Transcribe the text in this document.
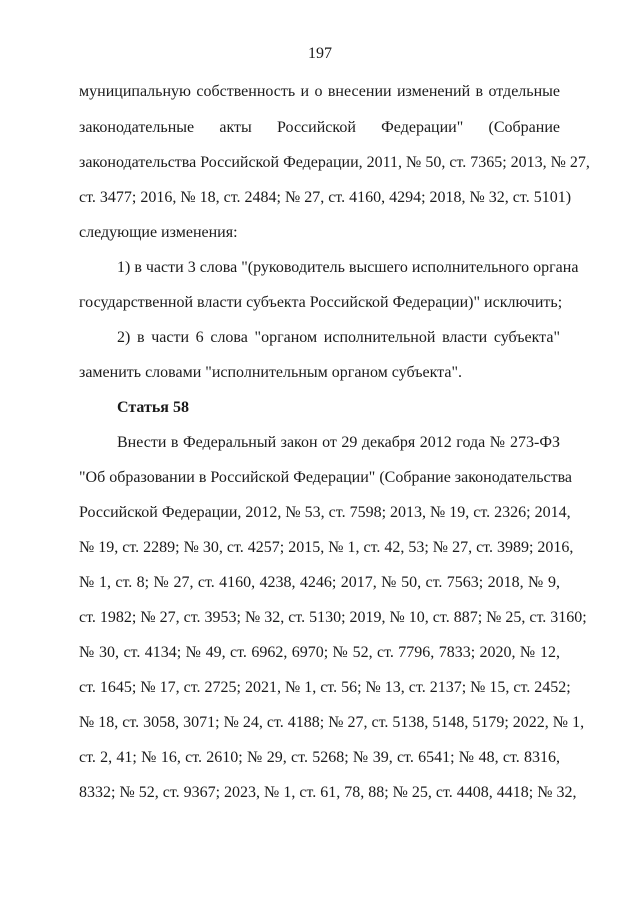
197
муниципальную собственность и о внесении изменений в отдельные
законодательные акты Российской Федерации" (Собрание
законодательства Российской Федерации, 2011, № 50, ст. 7365; 2013, № 27,
ст. 3477; 2016, № 18, ст. 2484; № 27, ст. 4160, 4294; 2018, № 32, ст. 5101)
следующие изменения:
1) в части 3 слова "(руководитель высшего исполнительного органа
государственной власти субъекта Российской Федерации)" исключить;
2) в части 6 слова "органом исполнительной власти субъекта"
заменить словами "исполнительным органом субъекта".
Статья 58
Внести в Федеральный закон от 29 декабря 2012 года № 273-ФЗ
"Об образовании в Российской Федерации" (Собрание законодательства
Российской Федерации, 2012, № 53, ст. 7598; 2013, № 19, ст. 2326; 2014,
№ 19, ст. 2289; № 30, ст. 4257; 2015, № 1, ст. 42, 53; № 27, ст. 3989; 2016,
№ 1, ст. 8; № 27, ст. 4160, 4238, 4246; 2017, № 50, ст. 7563; 2018, № 9,
ст. 1982; № 27, ст. 3953; № 32, ст. 5130; 2019, № 10, ст. 887; № 25, ст. 3160;
№ 30, ст. 4134; № 49, ст. 6962, 6970; № 52, ст. 7796, 7833; 2020, № 12,
ст. 1645; № 17, ст. 2725; 2021, № 1, ст. 56; № 13, ст. 2137; № 15, ст. 2452;
№ 18, ст. 3058, 3071; № 24, ст. 4188; № 27, ст. 5138, 5148, 5179; 2022, № 1,
ст. 2, 41; № 16, ст. 2610; № 29, ст. 5268; № 39, ст. 6541; № 48, ст. 8316,
8332; № 52, ст. 9367; 2023, № 1, ст. 61, 78, 88; № 25, ст. 4408, 4418; № 32,
